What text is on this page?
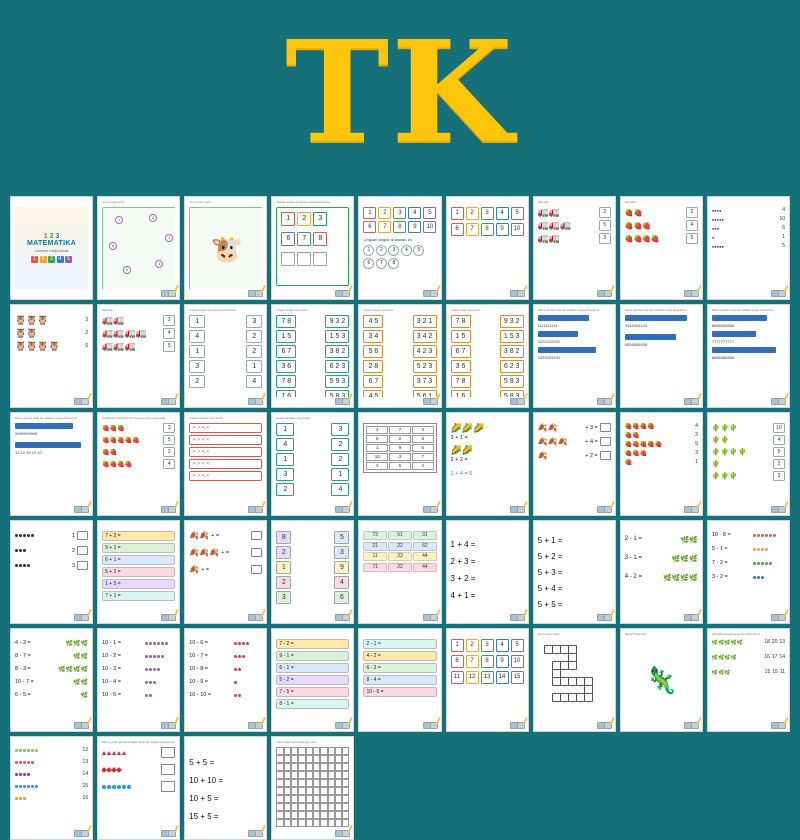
TK
1 2 3
MATEMATIKA
Lembar Kerja Anak
1	2	3	4	5
Ayo temukan garis!
1	2
3
4
5
6
Ayo temukan garis!
🐮
Tuliskan angka yang hilang pada kotak kosong
1	2	3
6	7	8
1	2	3	4	5
6	7	8	9	10
Lingkari angka di bawah ini
1	2	3	4	5
6	7	8
1	2	3	4	5
6	7	8	9	10
Hitunglah
🚛🚛	2
🚛🚛🚛	5
🚛🚛	3
Hitunglah
🍓🍓	2
🍓🍓🍓	4
🍓🍓🍓🍓	5
●●●●	4
●●●●●	10
●●●	6
●	1
●●●●●	5
🦉🦉🦉	3
🦉🦉	2
🦉🦉🦉🦉	5
Hitunglah
🚛🚛	2
🚛🚛🚛🚛	4
🚛🚛🚛	5
Lingkari angka yang masuze lebih besar!
1	3
4	2
1	2
3	1
2	4
Lingkari angka yang besar!
7 8	9 3 2
1 5	1 5 3
6 7	3 8 2
3 6	6 2 3
7 8	5 9 3
1 6	5 8 3
Lingkari angka yang kecil!
4 5	3 2 1
3 4	3 4 2
5 6	4 2 3
2 8	5 2 3
6 7	3 7 3
4 5	5 6 1
Lingkari angka yang kecil!
7 8	9 3 2
1 5	1 5 3
6 7	3 8 2
3 6	6 2 3
7 8	5 9 3
1 6	5 8 3
Warna gambar kotak dan tebalkan angka di bawah ini
1111111111
2222222222
3333333333
Warna gambar kotak dan tebalkan angka di bawah ini
4444444444
5555555555
Warna gambar kotak dan tebalkan angka di bawah ini
6666666666
7777777777
8888888888
Warna gambar kotak dan tebalkan angka di bawah ini
9999999999
10 10 10 10 10
Jumlahkan buah kanan ke mewarnai yang tepat sekali!
🍓🍓🍓	3
🍓🍓🍓🍓🍓	5
🍓🍓	2
🍓🍓🍓🍓	4
Lingkari jawaban yang benar!
> > < <
> > < <
> > < <
> > < <
> > < <
Lingkari jawaban yang benar!
1	3
4	2
1	2
3	1
2	4
4	7	3
6	2	8
1	9	5
10	3	7
2	6	4
🌽🌽🌽
3 + 1 =
🌽🌽
2 + 2 =
1 + 4 = 5
🍂🍂	+ 3 =
🍂🍂🍂	+ 4 =
🍂	+ 2 =
🍓🍓🍓🍓	4
🍓🍓	2
🍓🍓🍓🍓🍓	5
🍓🍓🍓	3
🍓	1
🌵🌵🌵	10
🌵🌵	4
🌵🌵🌵🌵	5
🌵	2
🌵🌵🌵	3
1
2
3
7 + 2 =
9 + 1 =
6 + 1 =
5 + 2 =
1 + 5 =
7 + 1 =
🍂🍂 + =
🍂🍂🍂 + =
🍂 + =
8	5
2	3
1	9
2	4
3	6
73	51	31
21	22	62
11	33	44
71	22	44
1 + 4 =
2 + 3 =
3 + 2 =
4 + 1 =
5 + 1 =
5 + 2 =
5 + 3 =
5 + 4 =
5 + 5 =
2 - 1 =	🌿🌿
3 - 1 =	🌿🌿🌿
4 - 2 =	🌿🌿🌿🌿
10 - 8 =
5 - 1 =
7 - 2 =
3 - 2 =
4 - 3 =	🌿🌿🌿
8 - 7 =	🌿🌿
8 - 3 =	🌿🌿🌿🌿
10 - 7 =	🌿🌿
6 - 5 =	🌿
10 - 1 =
10 - 2 =
10 - 3 =
10 - 4 =
10 - 5 =
10 - 6 =
10 - 7 =
10 - 8 =
10 - 9 =
10 - 10 =
7 - 2 =
9 - 1 =
6 - 1 =
5 - 2 =
7 - 5 =
8 - 1 =
2 - 1 =
4 - 2 =
6 - 3 =
8 - 4 =
10 - 5 =
1	2	3	4	5
6	7	8	9	10
11	12	13	14	15
Ayo temukan garis!	Mewarnai gambar!
🦎
Hitunglah banyaknya gambar di bawah ini
🌿🌿🌿🌿🌿	18 20 13
🌿🌿🌿🌿	16 17 14
🌿🌿🌿	15 15 11
12
13
14
15
16
Hitung jumlah gambar di dalam kotak dan tuliskan jawabannya
5 + 5 =
10 + 10 =
10 + 5 =
15 + 5 =
Tulis angka 1 sampai dengan 100
